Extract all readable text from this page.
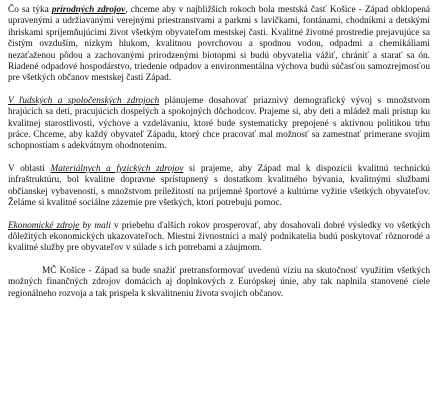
Čo sa týka prírodných zdrojov, chceme aby v najbližších rokoch bola mestská časť Košice - Západ obklopená upravenými a udržiavanými verejnými priestranstvami a parkmi s lavičkami, fontánami, chodníkmi a detskými ihriskami spríjemňujúcimi život všetkým obyvateľom mestskej časti. Kvalitné životné prostredie prejavujúce sa čistým ovzduším, nízkym hlukom, kvalitnou povrchovou a spodnou vodou, odpadmi a chemikáliami nezaťaženou pôdou a zachovanými prírodzenými biotopmi si budú obyvatelia vážiť, chrániť a starať sa ón. Riadené odpadové hospodárstvo, triedenie odpadov a environmentálna výchova budú súčasťou samozrejmosťou pre všetkých občanov mestskej časti Západ.

V ľudských a spoločenských zdrojoch plánujeme dosahovať priaznivý demografický vývoj s množstvom hrajúcich sa detí, pracujúcich dospelých a spokojných dôchodcov. Prajeme si, aby deti a mládež mali prístup ku kvalitnej starostlivosti, výchove a vzdelávaniu, ktoré bude systematicky prepojené s aktívnou politikou trhu práce. Chceme, aby každý obyvateľ Západu, ktorý chce pracovať mal možnosť sa zamestnať primerane svojim schopnostiam s adekvátnym ohodnotením.

V oblasti Materiálnych a fyzických zdrojov si prajeme, aby Západ mal k dispozícii kvalitnú technickú infraštruktúru, bol kvalitne dopravne sprístupnený s dostatkom kvalitného bývania, kvalitnými službami občianskej vybavenosti, s množstvom príležitostí na príjemné športové a kultúrne vyžitie všetkých obyvateľov. Želáme si kvalitné sociálne zázemie pre všetkých, ktorí potrebujú pomoc.

Ekonomické zdroje by mali v priebehu ďalších rokov prosperovať, aby dosahovali dobré výsledky vo všetkých dôležitých ekonomických ukazovateľoch. Miestni živnostníci a malý podnikatelia budú poskytovať rôznorodé a kvalitné služby pre obyvateľov v súlade s ich potrebami a záujmom.

MČ Košice - Západ sa bude snažiť pretransformovať uvedenú víziu na skutočnosť využitím všetkých možných finančných zdrojov domácich aj doplnkových z Európskej únie, aby tak naplnila stanovené ciele regionálneho rozvoja a tak prispela k skvalitneniu života svojich občanov.
